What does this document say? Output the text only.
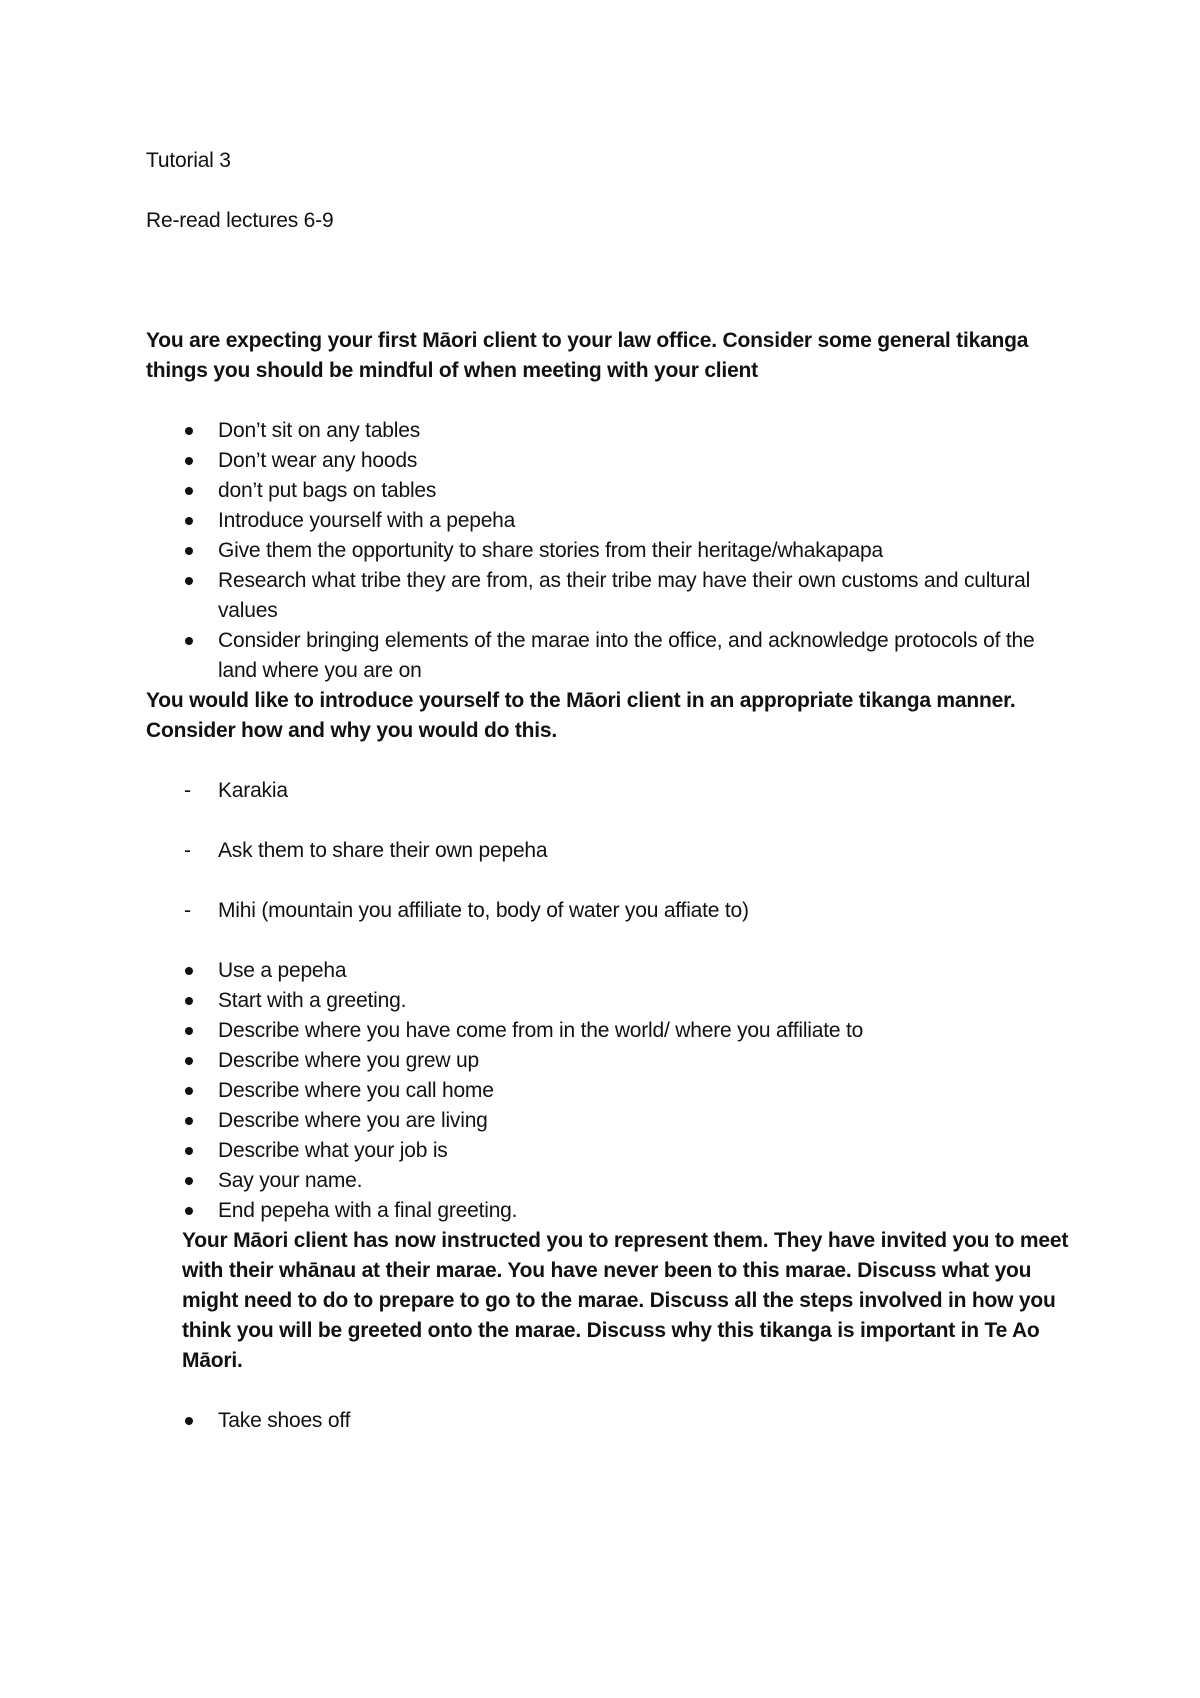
Tutorial 3

Re-read lectures 6-9

You are expecting your first Māori client to your law office. Consider some general tikanga things you should be mindful of when meeting with your client

Don’t sit on any tables
Don’t wear any hoods
don’t put bags on tables
Introduce yourself with a pepeha
Give them the opportunity to share stories from their heritage/whakapapa
Research what tribe they are from, as their tribe may have their own customs and cultural values
Consider bringing elements of the marae into the office, and acknowledge protocols of the land where you are on

You would like to introduce yourself to the Māori client in an appropriate tikanga manner. Consider how and why you would do this.

- Karakia
- Ask them to share their own pepeha
- Mihi (mountain you affiliate to, body of water you affiate to)
Use a pepeha
Start with a greeting.
Describe where you have come from in the world/ where you affiliate to
Describe where you grew up
Describe where you call home
Describe where you are living
Describe what your job is
Say your name.
End pepeha with a final greeting.

Your Māori client has now instructed you to represent them. They have invited you to meet with their whānau at their marae. You have never been to this marae. Discuss what you might need to do to prepare to go to the marae. Discuss all the steps involved in how you think you will be greeted onto the marae. Discuss why this tikanga is important in Te Ao Māori.

Take shoes off
